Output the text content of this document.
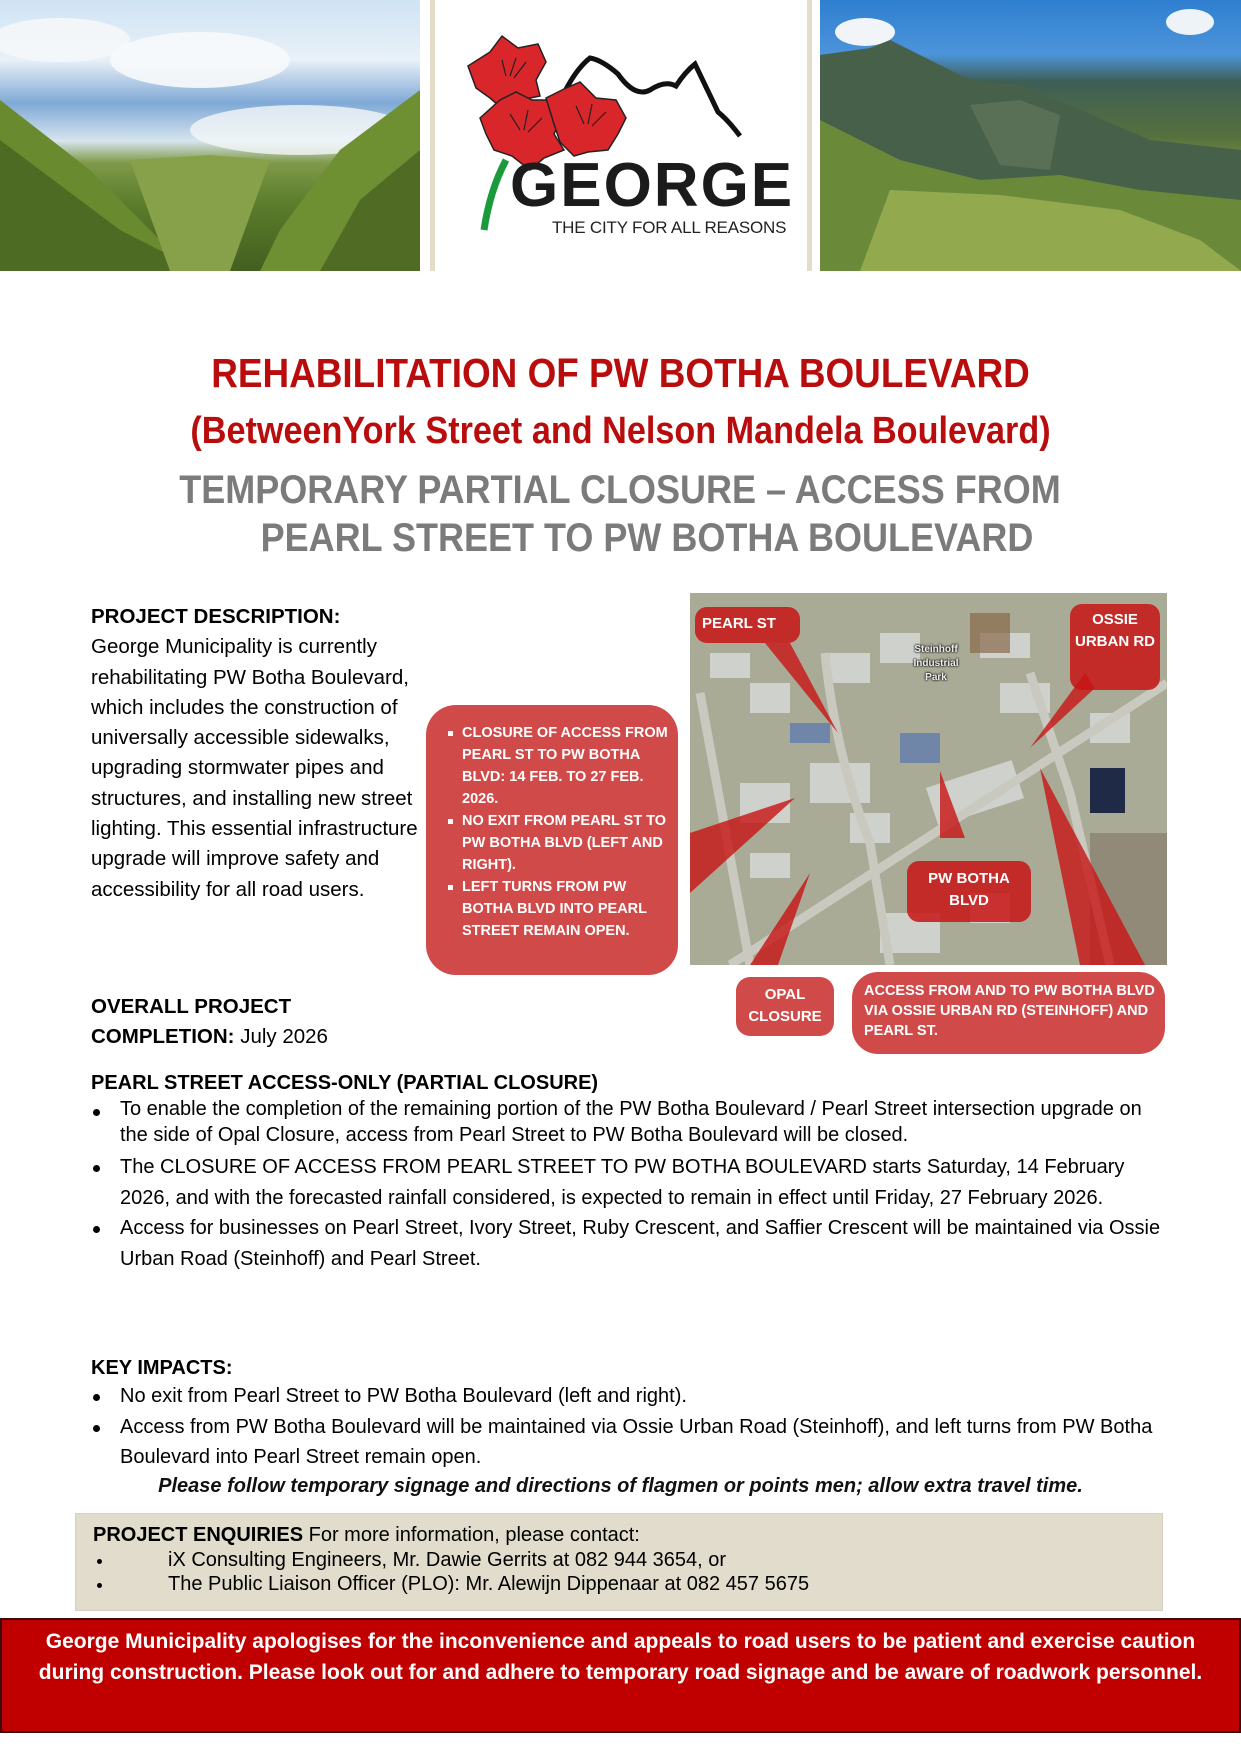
GEORGE
THE CITY FOR ALL REASONS
REHABILITATION OF PW BOTHA BOULEVARD
(BetweenYork Street and Nelson Mandela Boulevard)
TEMPORARY PARTIAL CLOSURE – ACCESS FROM
PEARL STREET TO PW BOTHA BOULEVARD
PROJECT DESCRIPTION:

George Municipality is currently rehabilitating PW Botha Boulevard, which includes the construction of universally accessible sidewalks, upgrading stormwater pipes and structures, and installing new street lighting. This essential infrastructure upgrade will improve safety and accessibility for all road users.

OVERALL PROJECT
COMPLETION: July 2026
Steinhoff Industrial Park
PEARL ST	OSSIE URBAN RD
PW BOTHA BLVD
CLOSURE OF ACCESS FROM PEARL ST TO PW BOTHA BLVD: 14 FEB. TO 27 FEB. 2026.
NO EXIT FROM PEARL ST TO PW BOTHA BLVD (LEFT AND RIGHT).
LEFT TURNS FROM PW BOTHA BLVD INTO PEARL STREET REMAIN OPEN.
OPAL CLOSURE
ACCESS FROM AND TO PW BOTHA BLVD VIA OSSIE URBAN RD (STEINHOFF) AND PEARL ST.
PEARL STREET ACCESS-ONLY (PARTIAL CLOSURE)
To enable the completion of the remaining portion of the PW Botha Boulevard / Pearl Street intersection upgrade on the side of Opal Closure, access from Pearl Street to PW Botha Boulevard will be closed.
The CLOSURE OF ACCESS FROM PEARL STREET TO PW BOTHA BOULEVARD starts Saturday, 14 February 2026, and with the forecasted rainfall considered, is expected to remain in effect until Friday, 27 February 2026.
Access for businesses on Pearl Street, Ivory Street, Ruby Crescent, and Saffier Crescent will be maintained via Ossie Urban Road (Steinhoff) and Pearl Street.
KEY IMPACTS:
No exit from Pearl Street to PW Botha Boulevard (left and right).
Access from PW Botha Boulevard will be maintained via Ossie Urban Road (Steinhoff), and left turns from PW Botha Boulevard into Pearl Street remain open.
Please follow temporary signage and directions of flagmen or points men; allow extra travel time.
PROJECT ENQUIRIES For more information, please contact:
iX Consulting Engineers, Mr. Dawie Gerrits at 082 944 3654, or
The Public Liaison Officer (PLO): Mr. Alewijn Dippenaar at 082 457 5675
George Municipality apologises for the inconvenience and appeals to road users to be patient and exercise caution during construction. Please look out for and adhere to temporary road signage and be aware of roadwork personnel.
